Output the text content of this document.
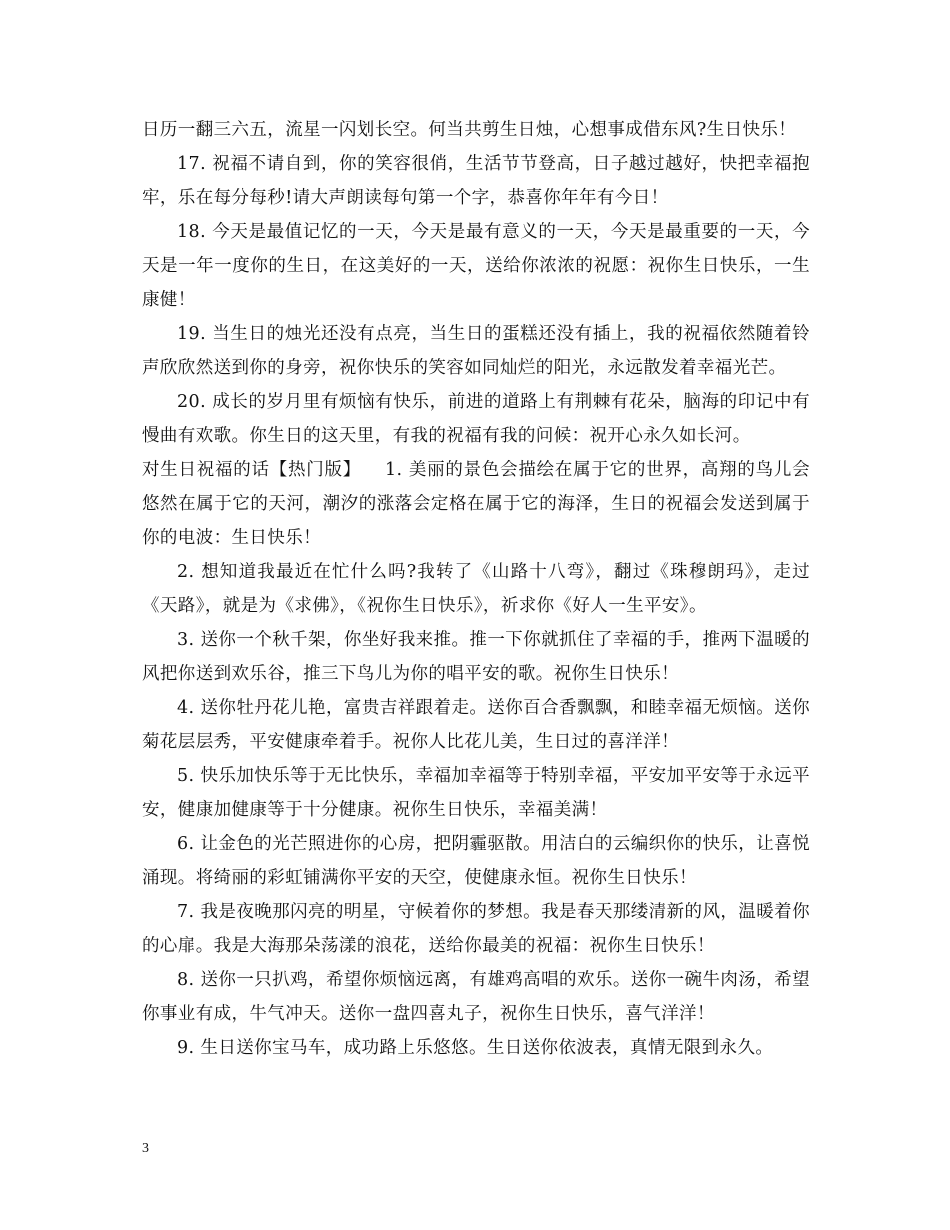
日历一翻三六五，流星一闪划长空。何当共剪生日烛，心想事成借东风?生日快乐！

17. 祝福不请自到，你的笑容很俏，生活节节登高，日子越过越好，快把幸福抱牢，乐在每分每秒!请大声朗读每句第一个字，恭喜你年年有今日！

18. 今天是最值记忆的一天，今天是最有意义的一天，今天是最重要的一天，今天是一年一度你的生日，在这美好的一天，送给你浓浓的祝愿：祝你生日快乐，一生康健！

19. 当生日的烛光还没有点亮，当生日的蛋糕还没有插上，我的祝福依然随着铃声欣欣然送到你的身旁，祝你快乐的笑容如同灿烂的阳光，永远散发着幸福光芒。

20. 成长的岁月里有烦恼有快乐，前进的道路上有荆棘有花朵，脑海的印记中有慢曲有欢歌。你生日的这天里，有我的祝福有我的问候：祝开心永久如长河。

对生日祝福的话【热门版】 1. 美丽的景色会描绘在属于它的世界，高翔的鸟儿会悠然在属于它的天河，潮汐的涨落会定格在属于它的海泽，生日的祝福会发送到属于你的电波：生日快乐！

2. 想知道我最近在忙什么吗?我转了《山路十八弯》，翻过《珠穆朗玛》，走过《天路》，就是为《求佛》，《祝你生日快乐》，祈求你《好人一生平安》。

3. 送你一个秋千架，你坐好我来推。推一下你就抓住了幸福的手，推两下温暖的风把你送到欢乐谷，推三下鸟儿为你的唱平安的歌。祝你生日快乐！

4. 送你牡丹花儿艳，富贵吉祥跟着走。送你百合香飘飘，和睦幸福无烦恼。送你菊花层层秀，平安健康牵着手。祝你人比花儿美，生日过的喜洋洋！

5. 快乐加快乐等于无比快乐，幸福加幸福等于特别幸福，平安加平安等于永远平安，健康加健康等于十分健康。祝你生日快乐，幸福美满！

6. 让金色的光芒照进你的心房，把阴霾驱散。用洁白的云编织你的快乐，让喜悦涌现。将绮丽的彩虹铺满你平安的天空，使健康永恒。祝你生日快乐！

7. 我是夜晚那闪亮的明星，守候着你的梦想。我是春天那缕清新的风，温暖着你的心扉。我是大海那朵荡漾的浪花，送给你最美的祝福：祝你生日快乐！

8. 送你一只扒鸡，希望你烦恼远离，有雄鸡高唱的欢乐。送你一碗牛肉汤，希望你事业有成，牛气冲天。送你一盘四喜丸子，祝你生日快乐，喜气洋洋！

9. 生日送你宝马车，成功路上乐悠悠。生日送你依波表，真情无限到永久。

3
